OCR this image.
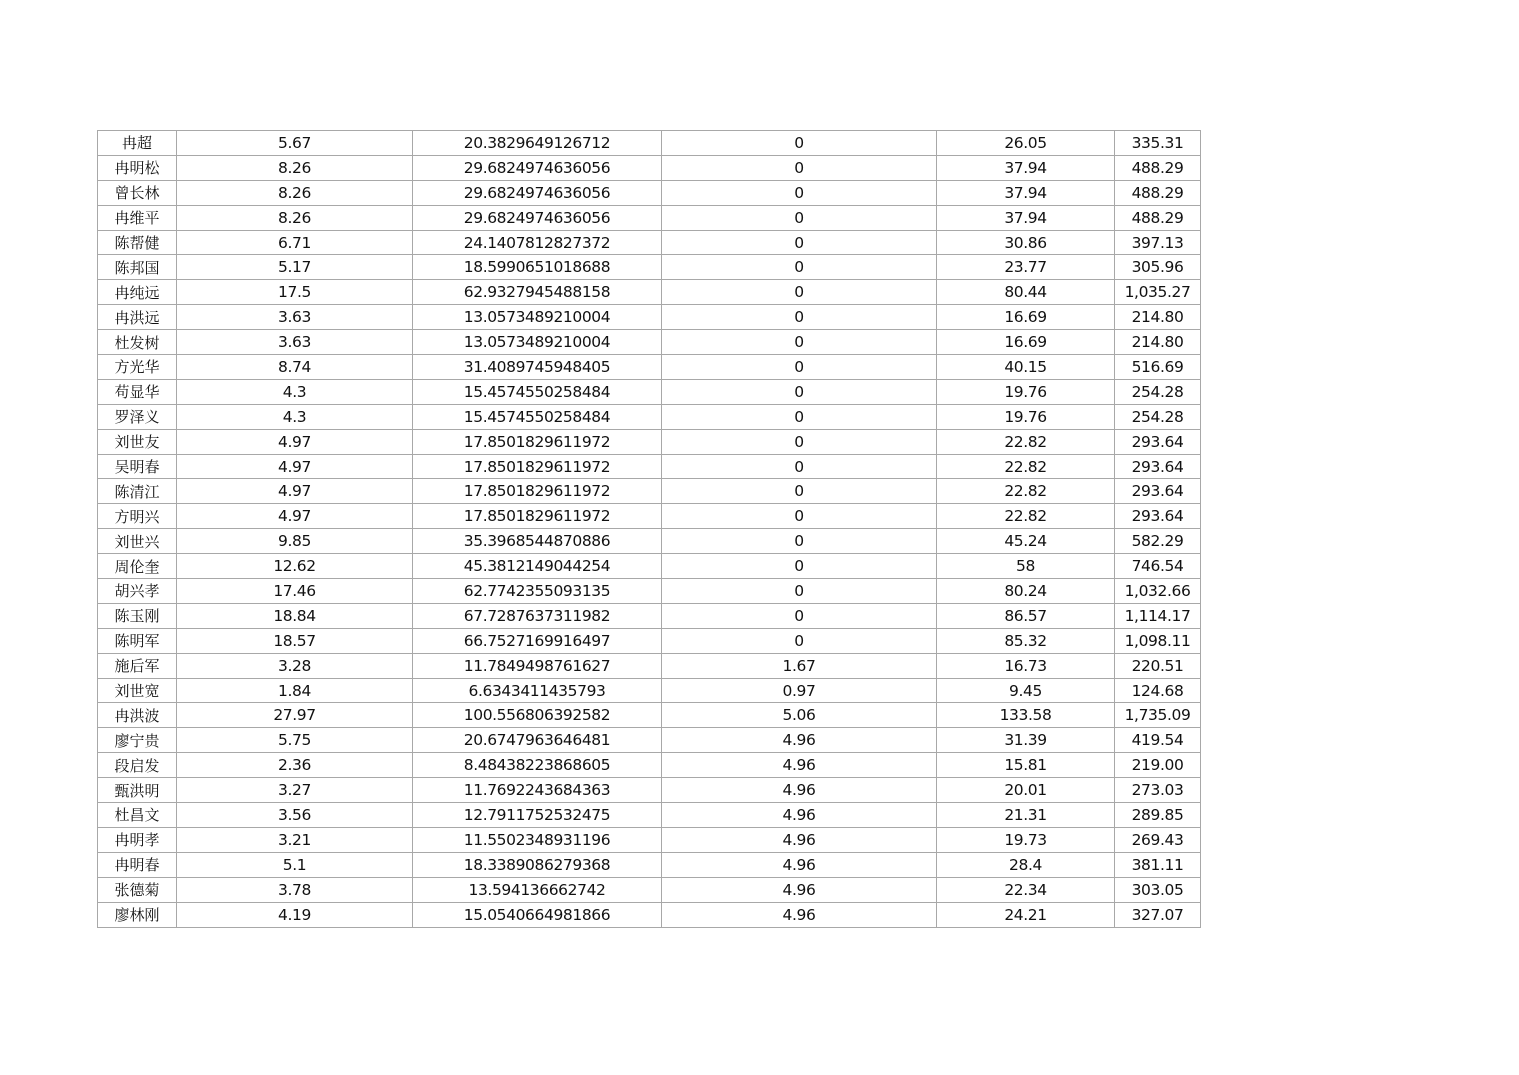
冉超	5.67	20.3829649126712	0	26.05	335.31
冉明松	8.26	29.6824974636056	0	37.94	488.29
曾长林	8.26	29.6824974636056	0	37.94	488.29
冉维平	8.26	29.6824974636056	0	37.94	488.29
陈帮健	6.71	24.1407812827372	0	30.86	397.13
陈邦国	5.17	18.5990651018688	0	23.77	305.96
冉纯远	17.5	62.9327945488158	0	80.44	1,035.27
冉洪远	3.63	13.0573489210004	0	16.69	214.80
杜发树	3.63	13.0573489210004	0	16.69	214.80
方光华	8.74	31.4089745948405	0	40.15	516.69
苟显华	4.3	15.4574550258484	0	19.76	254.28
罗泽义	4.3	15.4574550258484	0	19.76	254.28
刘世友	4.97	17.8501829611972	0	22.82	293.64
吴明春	4.97	17.8501829611972	0	22.82	293.64
陈清江	4.97	17.8501829611972	0	22.82	293.64
方明兴	4.97	17.8501829611972	0	22.82	293.64
刘世兴	9.85	35.3968544870886	0	45.24	582.29
周伦奎	12.62	45.3812149044254	0	58	746.54
胡兴孝	17.46	62.7742355093135	0	80.24	1,032.66
陈玉刚	18.84	67.7287637311982	0	86.57	1,114.17
陈明军	18.57	66.7527169916497	0	85.32	1,098.11
施后军	3.28	11.7849498761627	1.67	16.73	220.51
刘世宽	1.84	6.6343411435793	0.97	9.45	124.68
冉洪波	27.97	100.556806392582	5.06	133.58	1,735.09
廖宁贵	5.75	20.6747963646481	4.96	31.39	419.54
段启发	2.36	8.48438223868605	4.96	15.81	219.00
甄洪明	3.27	11.7692243684363	4.96	20.01	273.03
杜昌文	3.56	12.7911752532475	4.96	21.31	289.85
冉明孝	3.21	11.5502348931196	4.96	19.73	269.43
冉明春	5.1	18.3389086279368	4.96	28.4	381.11
张德菊	3.78	13.594136662742	4.96	22.34	303.05
廖林刚	4.19	15.0540664981866	4.96	24.21	327.07
